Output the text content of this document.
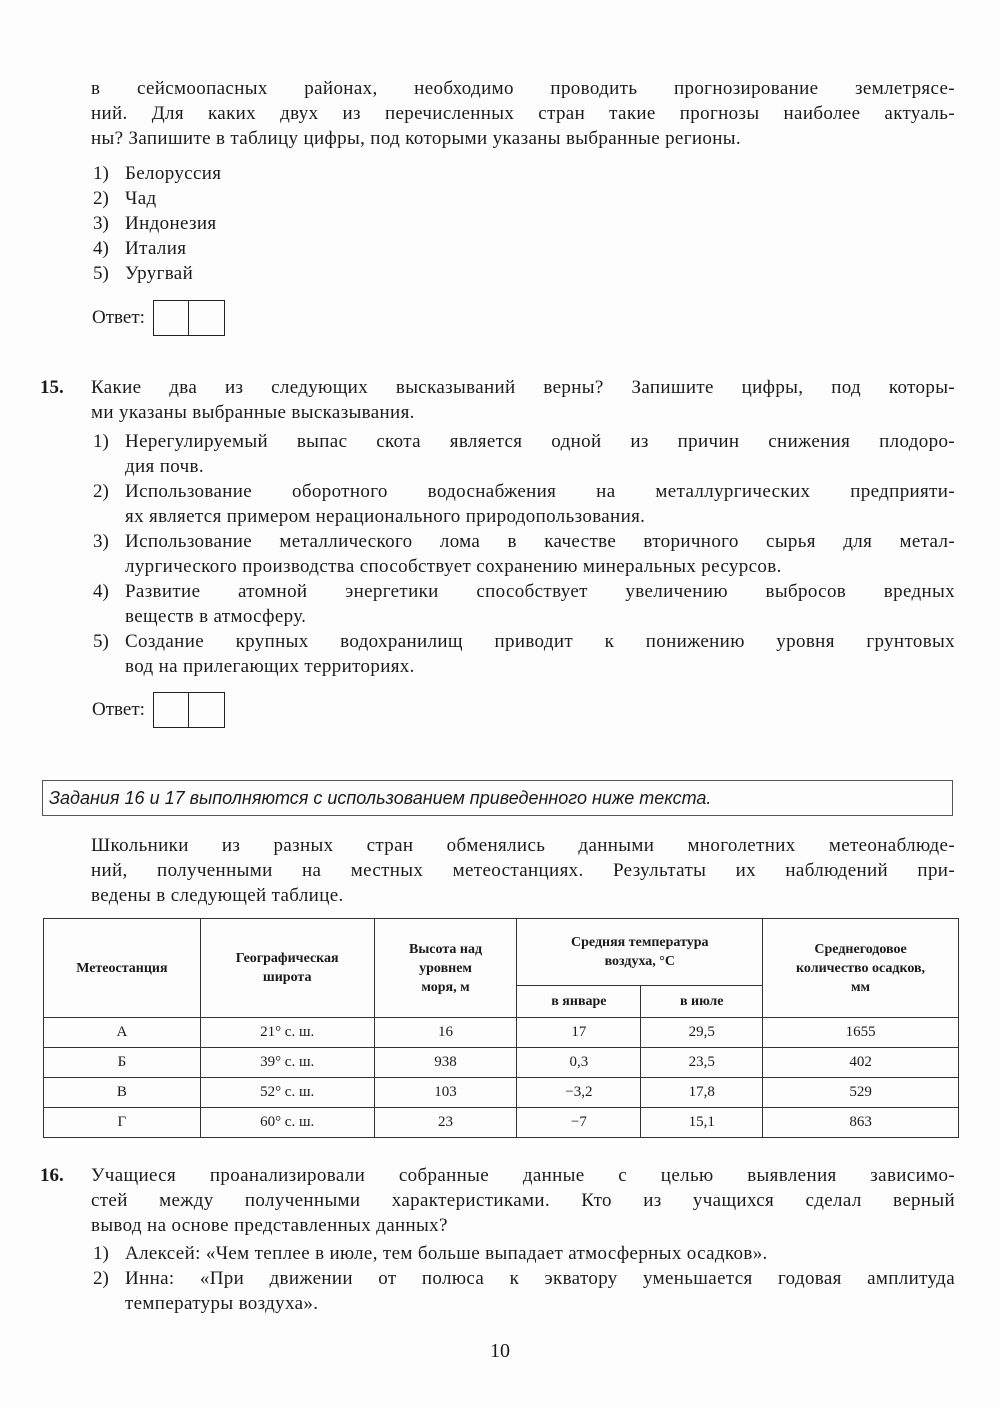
в сейсмоопасных районах, необходимо проводить прогнозирование землетрясе-
ний. Для каких двух из перечисленных стран такие прогнозы наиболее актуаль-
ны? Запишите в таблицу цифры, под которыми указаны выбранные регионы.
1) Белоруссия
2) Чад
3) Индонезия
4) Италия
5) Уругвай
Ответ:
15. Какие два из следующих высказываний верны? Запишите цифры, под которы-
ми указаны выбранные высказывания.
1) Нерегулируемый выпас скота является одной из причин снижения плодоро-
дия почв.
2) Использование оборотного водоснабжения на металлургических предприяти-
ях является примером нерационального природопользования.
3) Использование металлического лома в качестве вторичного сырья для метал-
лургического производства способствует сохранению минеральных ресурсов.
4) Развитие атомной энергетики способствует увеличению выбросов вредных
веществ в атмосферу.
5) Создание крупных водохранилищ приводит к понижению уровня грунтовых
вод на прилегающих территориях.
Ответ:
Задания 16 и 17 выполняются с использованием приведенного ниже текста.
Школьники из разных стран обменялись данными многолетних метеонаблюде-
ний, полученными на местных метеостанциях. Результаты их наблюдений при-
ведены в следующей таблице.
Метеостанция	Географическая широта	Высота над уровнем моря, м	Средняя температура воздуха, °С		Среднегодовое количество осадков, мм
			в январе	в июле	
А	21° с. ш.	16	17	29,5	1655
Б	39° с. ш.	938	0,3	23,5	402
В	52° с. ш.	103	−3,2	17,8	529
Г	60° с. ш.	23	−7	15,1	863
16. Учащиеся проанализировали собранные данные с целью выявления зависимо-
стей между полученными характеристиками. Кто из учащихся сделал верный
вывод на основе представленных данных?
1) Алексей: «Чем теплее в июле, тем больше выпадает атмосферных осадков».
2) Инна: «При движении от полюса к экватору уменьшается годовая амплитуда
температуры воздуха».
10
